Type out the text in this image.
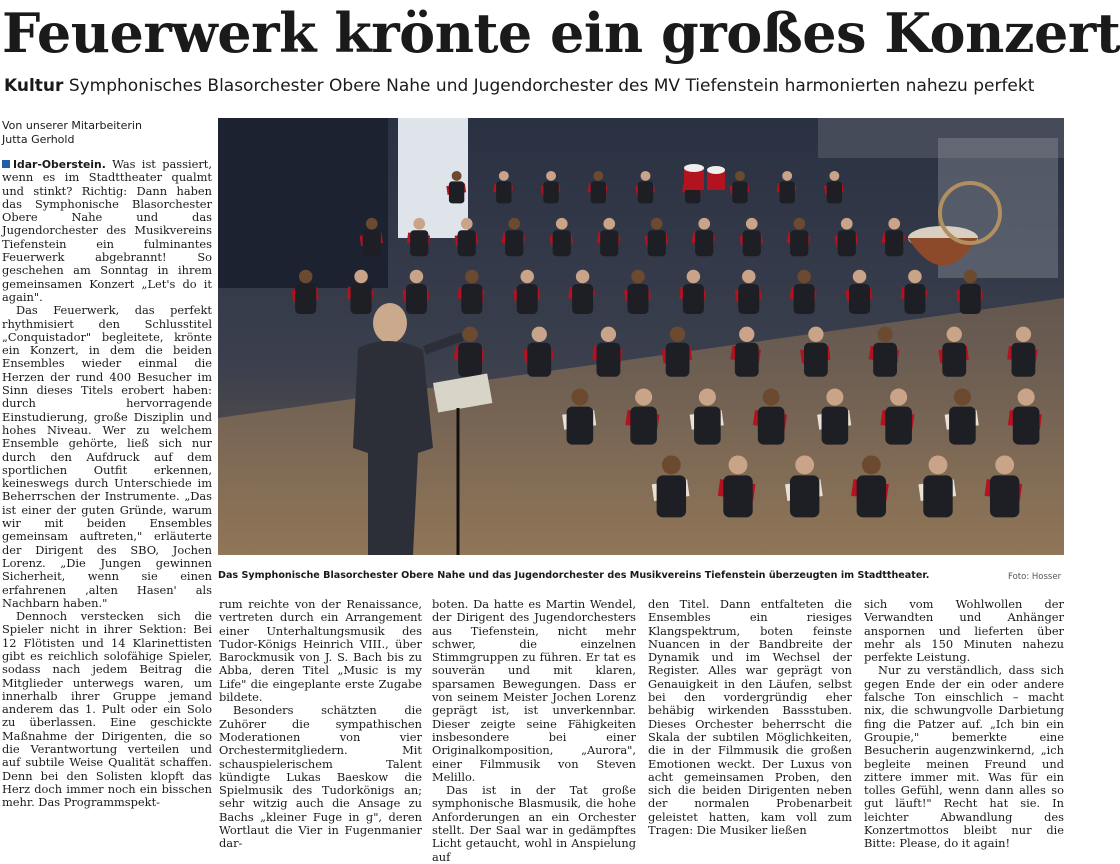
Feuerwerk krönte ein großes Konzert
Kultur Symphonisches Blasorchester Obere Nahe und Jugendorchester des MV Tiefenstein harmonierten nahezu perfekt
Von unserer Mitarbeiterin
Jutta Gerhold
Das Symphonische Blasorchester Obere Nahe und das Jugendorchester des Musikvereins Tiefenstein überzeugten im Stadttheater.	Foto: Hosser

Idar-Oberstein. Was ist passiert, wenn es im Stadttheater qualmt und stinkt? Richtig: Dann haben das Symphonische Blasorchester Obere Nahe und das Jugendorchester des Musikvereins Tiefenstein ein fulminantes Feuerwerk abgebrannt! So geschehen am Sonntag in ihrem gemeinsamen Konzert „Let's do it again".

Das Feuerwerk, das perfekt rhythmisiert den Schlusstitel „Conquistador" begleitete, krönte ein Konzert, in dem die beiden Ensembles wieder einmal die Herzen der rund 400 Besucher im Sinn dieses Titels erobert haben: durch hervorragende Einstudierung, große Disziplin und hohes Niveau. Wer zu welchem Ensemble gehörte, ließ sich nur durch den Aufdruck auf dem sportlichen Outfit erkennen, keineswegs durch Unterschiede im Beherrschen der Instrumente. „Das ist einer der guten Gründe, warum wir mit beiden Ensembles gemeinsam auftreten," erläuterte der Dirigent des SBO, Jochen Lorenz. „Die Jungen gewinnen Sicherheit, wenn sie einen erfahrenen ‚alten Hasen' als Nachbarn haben."

Dennoch verstecken sich die Spieler nicht in ihrer Sektion: Bei 12 Flötisten und 14 Klarinettisten gibt es reichlich solofähige Spieler, sodass nach jedem Beitrag die Mitglieder unterwegs waren, um innerhalb ihrer Gruppe jemand anderem das 1. Pult oder ein Solo zu überlassen. Eine geschickte Maßnahme der Dirigenten, die so die Verantwortung verteilen und auf subtile Weise Qualität schaffen. Denn bei den Solisten klopft das Herz doch immer noch ein bisschen mehr. Das Programmspekt-

rum reichte von der Renaissance, vertreten durch ein Arrangement einer Unterhaltungsmusik des Tudor-Königs Heinrich VIII., über Barockmusik von J. S. Bach bis zu Abba, deren Titel „Music is my Life" die eingeplante erste Zugabe bildete.

Besonders schätzten die Zuhörer die sympathischen Moderationen von vier Orchestermitgliedern. Mit schauspielerischem Talent kündigte Lukas Baeskow die Spielmusik des Tudorkönigs an; sehr witzig auch die Ansage zu Bachs „kleiner Fuge in g", deren Wortlaut die Vier in Fugenmanier dar-

boten. Da hatte es Martin Wendel, der Dirigent des Jugendorchesters aus Tiefenstein, nicht mehr schwer, die einzelnen Stimmgruppen zu führen. Er tat es souverän und mit klaren, sparsamen Bewegungen. Dass er von seinem Meister Jochen Lorenz geprägt ist, ist unverkennbar. Dieser zeigte seine Fähigkeiten insbesondere bei einer Originalkomposition, „Aurora", einer Filmmusik von Steven Melillo.

Das ist in der Tat große symphonische Blasmusik, die hohe Anforderungen an ein Orchester stellt. Der Saal war in gedämpftes Licht getaucht, wohl in Anspielung auf

den Titel. Dann entfalteten die Ensembles ein riesiges Klangspektrum, boten feinste Nuancen in der Bandbreite der Dynamik und im Wechsel der Register. Alles war geprägt von Genauigkeit in den Läufen, selbst bei den vordergründig eher behäbig wirkenden Bassstuben. Dieses Orchester beherrscht die Skala der subtilen Möglichkeiten, die in der Filmmusik die großen Emotionen weckt. Der Luxus von acht gemeinsamen Proben, den sich die beiden Dirigenten neben der normalen Probenarbeit geleistet hatten, kam voll zum Tragen: Die Musiker ließen

sich vom Wohlwollen der Verwandten und Anhänger anspornen und lieferten über mehr als 150 Minuten nahezu perfekte Leistung.

Nur zu verständlich, dass sich gegen Ende der ein oder andere falsche Ton einschlich – macht nix, die schwungvolle Darbietung fing die Patzer auf. „Ich bin ein Groupie," bemerkte eine Besucherin augenzwinkernd, „ich begleite meinen Freund und zittere immer mit. Was für ein tolles Gefühl, wenn dann alles so gut läuft!" Recht hat sie. In leichter Abwandlung des Konzertmottos bleibt nur die Bitte: Please, do it again!
